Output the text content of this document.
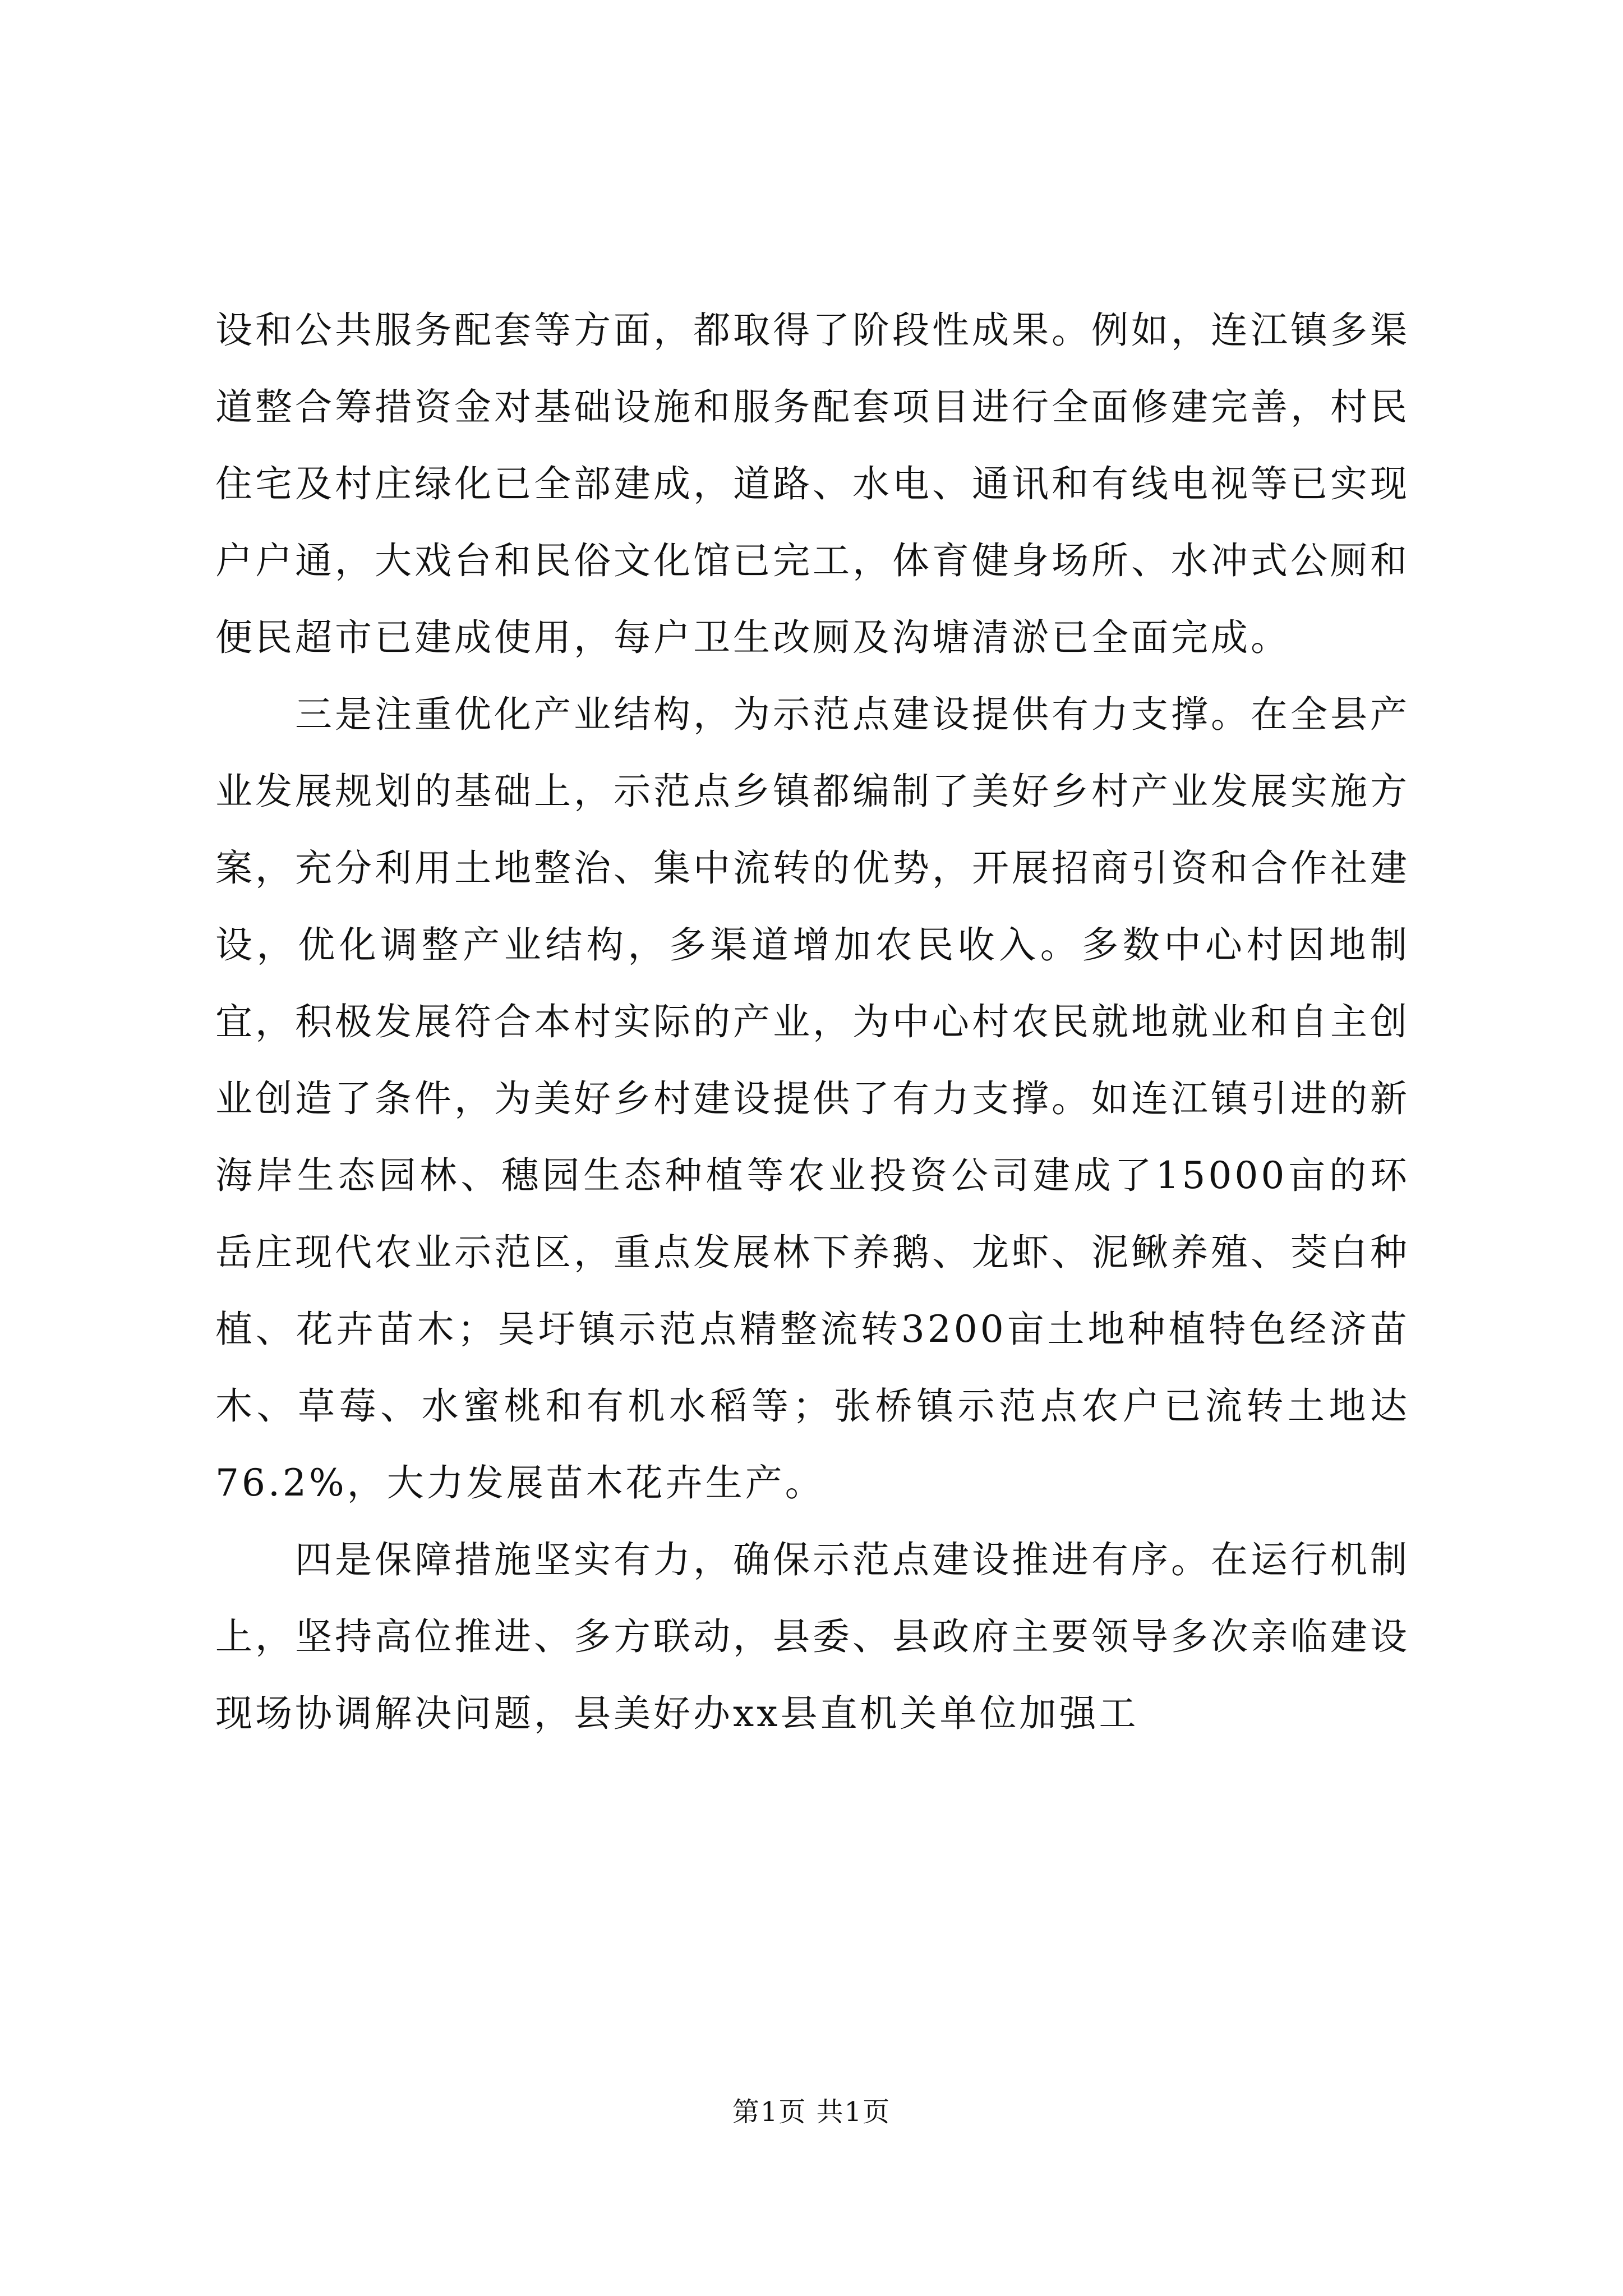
设和公共服务配套等方面，都取得了阶段性成果。例如，连江镇多渠道整合筹措资金对基础设施和服务配套项目进行全面修建完善，村民住宅及村庄绿化已全部建成，道路、水电、通讯和有线电视等已实现户户通，大戏台和民俗文化馆已完工，体育健身场所、水冲式公厕和便民超市已建成使用，每户卫生改厕及沟塘清淤已全面完成。

三是注重优化产业结构，为示范点建设提供有力支撑。在全县产业发展规划的基础上，示范点乡镇都编制了美好乡村产业发展实施方案，充分利用土地整治、集中流转的优势，开展招商引资和合作社建设，优化调整产业结构，多渠道增加农民收入。多数中心村因地制宜，积极发展符合本村实际的产业，为中心村农民就地就业和自主创业创造了条件，为美好乡村建设提供了有力支撑。如连江镇引进的新海岸生态园林、穗园生态种植等农业投资公司建成了15000亩的环岳庄现代农业示范区，重点发展林下养鹅、龙虾、泥鳅养殖、茭白种植、花卉苗木；吴圩镇示范点精整流转3200亩土地种植特色经济苗木、草莓、水蜜桃和有机水稻等；张桥镇示范点农户已流转土地达76.2%，大力发展苗木花卉生产。

四是保障措施坚实有力，确保示范点建设推进有序。在运行机制上，坚持高位推进、多方联动，县委、县政府主要领导多次亲临建设现场协调解决问题，县美好办xx县直机关单位加强工

第1页 共1页
